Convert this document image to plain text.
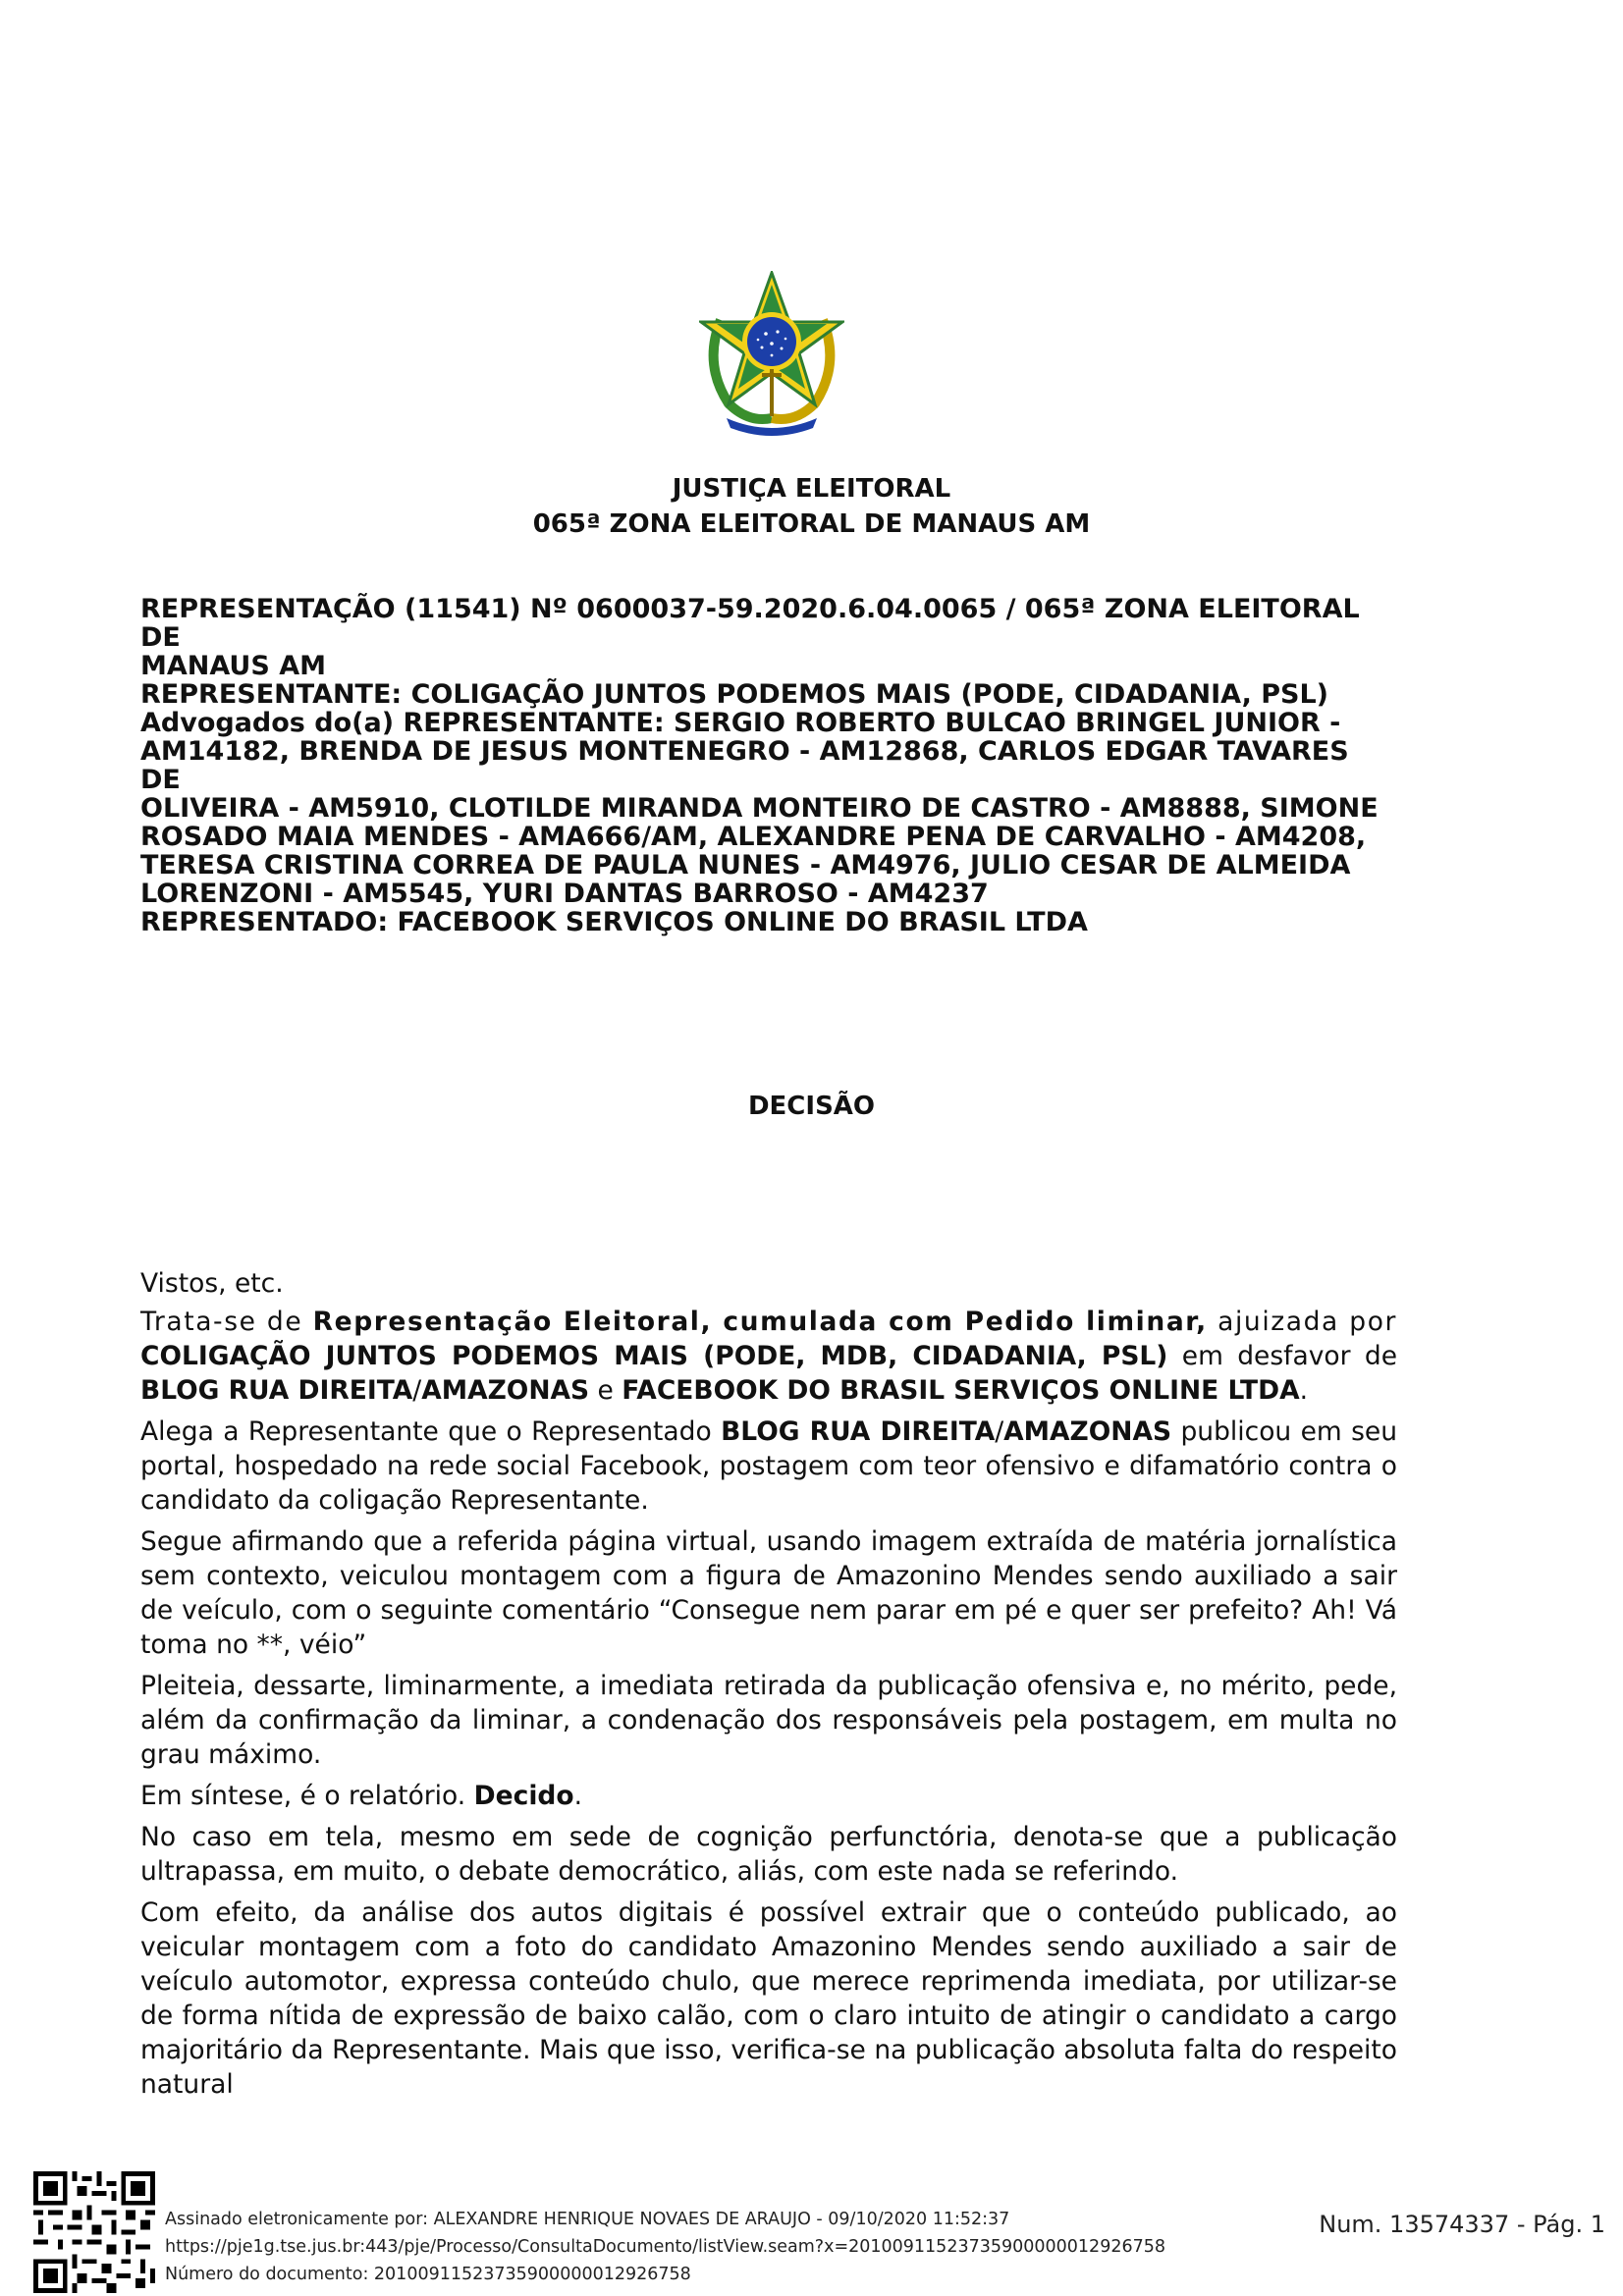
JUSTIÇA ELEITORAL
065ª ZONA ELEITORAL DE MANAUS AM
REPRESENTAÇÃO (11541) Nº 0600037-59.2020.6.04.0065 / 065ª ZONA ELEITORAL DE
MANAUS AM
REPRESENTANTE: COLIGAÇÃO JUNTOS PODEMOS MAIS (PODE, CIDADANIA, PSL)
Advogados do(a) REPRESENTANTE: SERGIO ROBERTO BULCAO BRINGEL JUNIOR -
AM14182, BRENDA DE JESUS MONTENEGRO - AM12868, CARLOS EDGAR TAVARES DE
OLIVEIRA - AM5910, CLOTILDE MIRANDA MONTEIRO DE CASTRO - AM8888, SIMONE
ROSADO MAIA MENDES - AMA666/AM, ALEXANDRE PENA DE CARVALHO - AM4208,
TERESA CRISTINA CORREA DE PAULA NUNES - AM4976, JULIO CESAR DE ALMEIDA
LORENZONI - AM5545, YURI DANTAS BARROSO - AM4237
REPRESENTADO: FACEBOOK SERVIÇOS ONLINE DO BRASIL LTDA
DECISÃO

Vistos, etc.

Trata-se de Representação Eleitoral, cumulada com Pedido liminar, ajuizada por COLIGAÇÃO JUNTOS PODEMOS MAIS (PODE, MDB, CIDADANIA, PSL) em desfavor de BLOG RUA DIREITA/AMAZONAS e FACEBOOK DO BRASIL SERVIÇOS ONLINE LTDA.

Alega a Representante que o Representado BLOG RUA DIREITA/AMAZONAS publicou em seu portal, hospedado na rede social Facebook, postagem com teor ofensivo e difamatório contra o candidato da coligação Representante.

Segue afirmando que a referida página virtual, usando imagem extraída de matéria jornalística sem contexto, veiculou montagem com a figura de Amazonino Mendes sendo auxiliado a sair de veículo, com o seguinte comentário “Consegue nem parar em pé e quer ser prefeito? Ah! Vá toma no **, véio”

Pleiteia, dessarte, liminarmente, a imediata retirada da publicação ofensiva e, no mérito, pede, além da confirmação da liminar, a condenação dos responsáveis pela postagem, em multa no grau máximo.

Em síntese, é o relatório. Decido.

No caso em tela, mesmo em sede de cognição perfunctória, denota-se que a publicação ultrapassa, em muito, o debate democrático, aliás, com este nada se referindo.

Com efeito, da análise dos autos digitais é possível extrair que o conteúdo publicado, ao veicular montagem com a foto do candidato Amazonino Mendes sendo auxiliado a sair de veículo automotor, expressa conteúdo chulo, que merece reprimenda imediata, por utilizar-se de forma nítida de expressão de baixo calão, com o claro intuito de atingir o candidato a cargo majoritário da Representante. Mais que isso, verifica-se na publicação absoluta falta do respeito natural

Assinado eletronicamente por: ALEXANDRE HENRIQUE NOVAES DE ARAUJO - 09/10/2020 11:52:37
https://pje1g.tse.jus.br:443/pje/Processo/ConsultaDocumento/listView.seam?x=20100911523735900000012926758
Número do documento: 20100911523735900000012926758
Num. 13574337 - Pág. 1
